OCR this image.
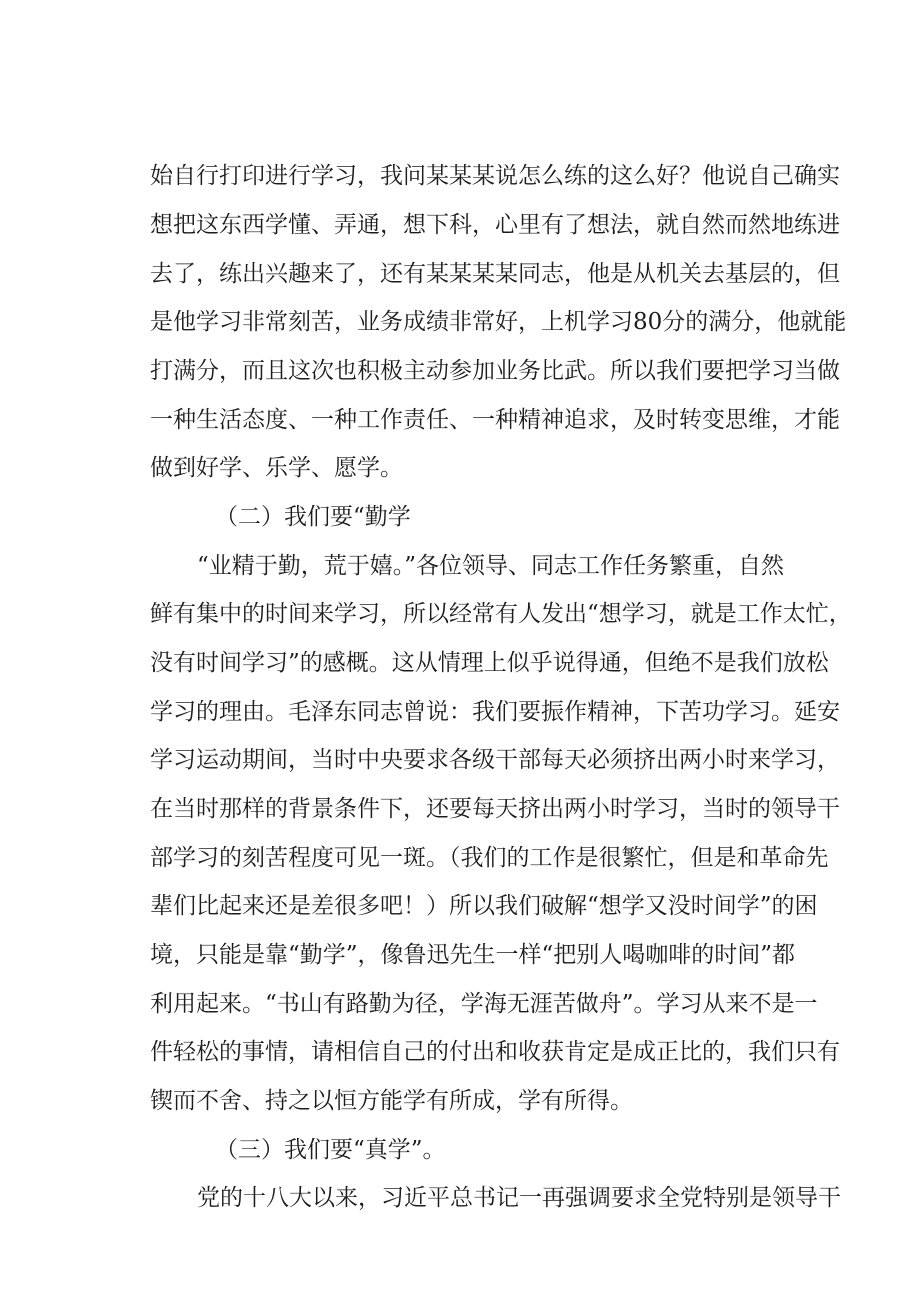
始自行打印进行学习，我问某某某说怎么练的这么好？他说自己确实
想把这东西学懂、弄通，想下科，心里有了想法，就自然而然地练进
去了，练出兴趣来了，还有某某某某同志，他是从机关去基层的，但
是他学习非常刻苦，业务成绩非常好，上机学习80分的满分，他就能
打满分，而且这次也积极主动参加业务比武。所以我们要把学习当做
一种生活态度、一种工作责任、一种精神追求，及时转变思维，才能
做到好学、乐学、愿学。
（二）我们要“勤学
“业精于勤，荒于嬉。”各位领导、同志工作任务繁重，自然
鲜有集中的时间来学习，所以经常有人发出“想学习，就是工作太忙，
没有时间学习”的感概。这从情理上似乎说得通，但绝不是我们放松
学习的理由。毛泽东同志曾说：我们要振作精神，下苦功学习。延安
学习运动期间，当时中央要求各级干部每天必须挤出两小时来学习，
在当时那样的背景条件下，还要每天挤出两小时学习，当时的领导干
部学习的刻苦程度可见一斑。（我们的工作是很繁忙，但是和革命先
辈们比起来还是差很多吧！）所以我们破解“想学又没时间学”的困
境，只能是靠“勤学”，像鲁迅先生一样“把别人喝咖啡的时间”都
利用起来。“书山有路勤为径，学海无涯苦做舟”。学习从来不是一
件轻松的事情，请相信自己的付出和收获肯定是成正比的，我们只有
锲而不舍、持之以恒方能学有所成，学有所得。
（三）我们要“真学”。
党的十八大以来，习近平总书记一再强调要求全党特别是领导干
